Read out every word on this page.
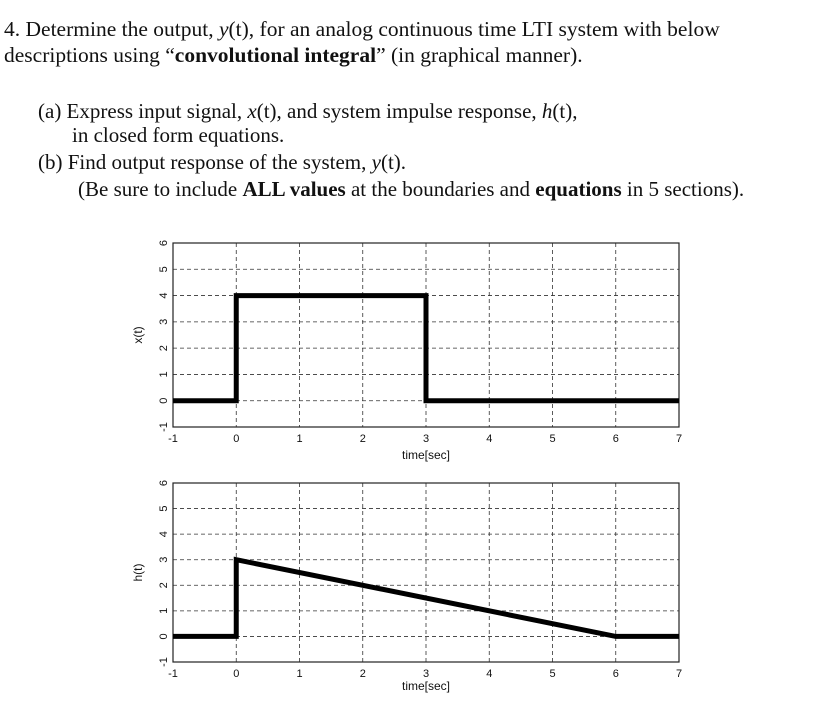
4. Determine the output, y(t), for an analog continuous time LTI system with below
descriptions using “convolutional integral” (in graphical manner).
(a) Express input signal, x(t), and system impulse response, h(t),
in closed form equations.
(b) Find output response of the system, y(t).
(Be sure to include ALL values at the boundaries and equations in 5 sections).
-1	0	1	2	3	4	5	6	7
-1
0
1
2
3
4
5
6
time[sec]
x(t)
-1	0	1	2	3	4	5	6	7
-1
0
1
2
3
4
5
6
time[sec]
h(t)
